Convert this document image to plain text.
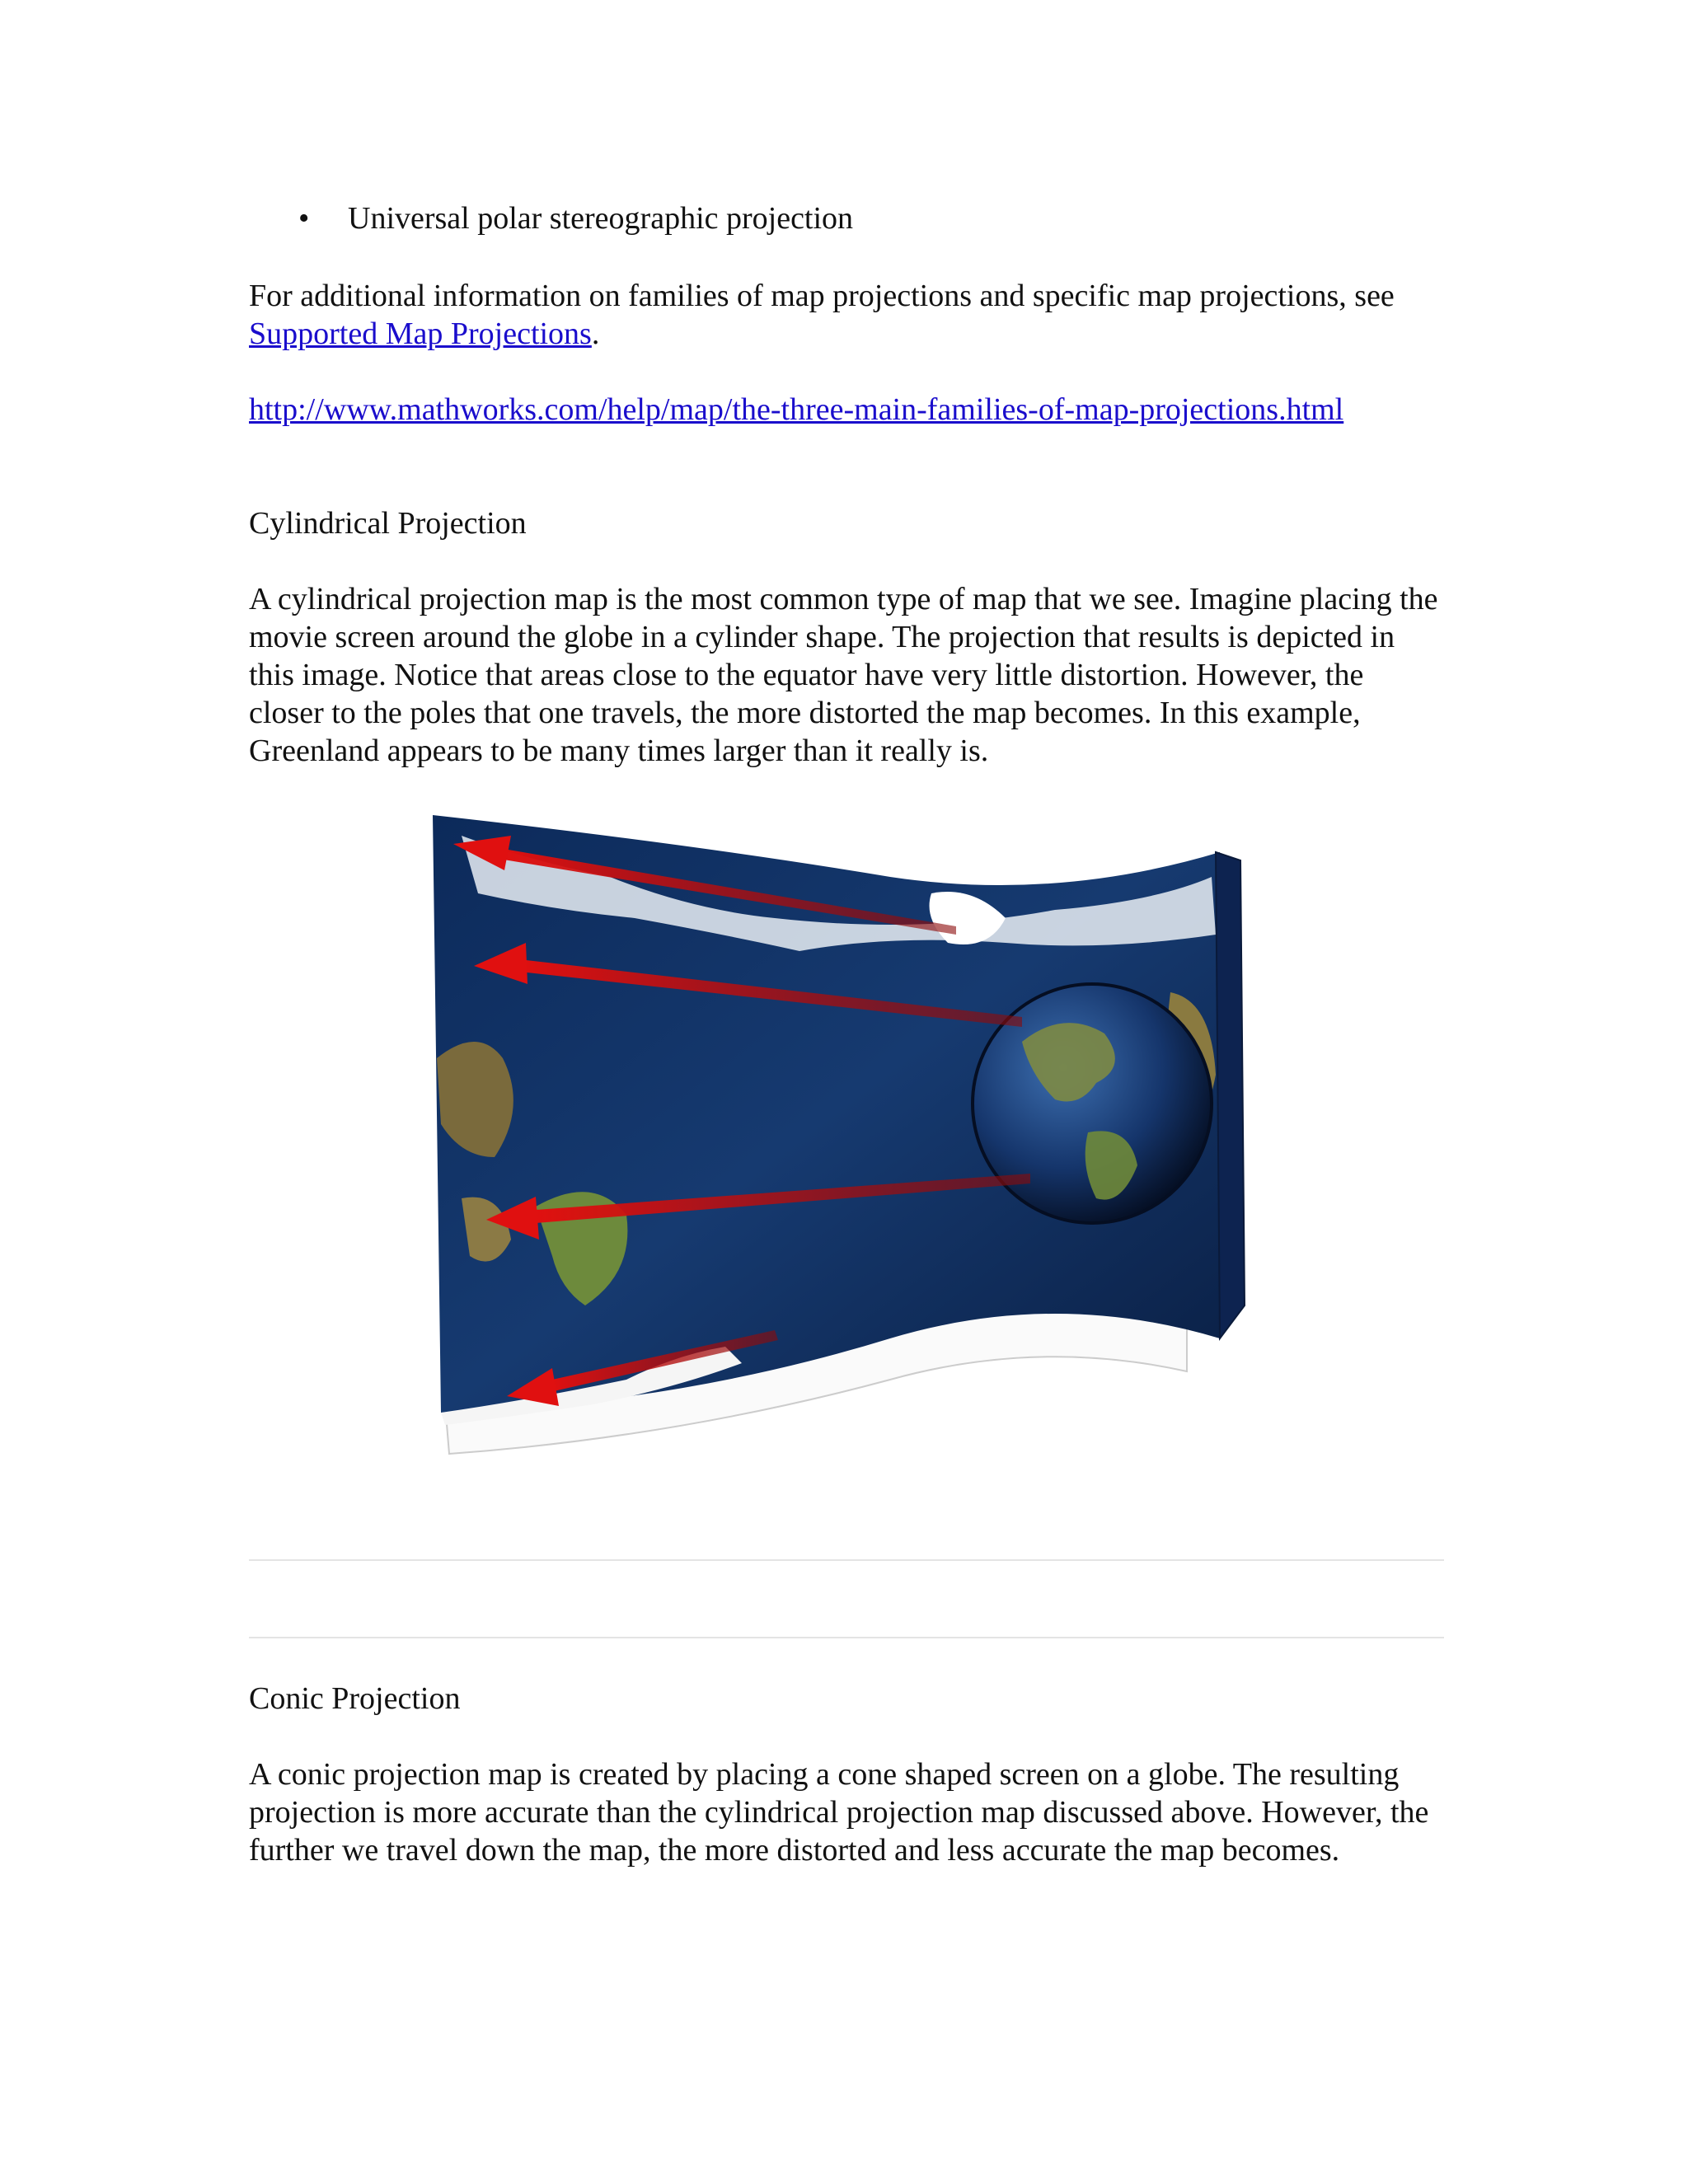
• Universal polar stereographic projection

For additional information on families of map projections and specific map projections, see Supported Map Projections.

http://www.mathworks.com/help/map/the-three-main-families-of-map-projections.html

Cylindrical Projection

A cylindrical projection map is the most common type of map that we see. Imagine placing the movie screen around the globe in a cylinder shape. The projection that results is depicted in this image. Notice that areas close to the equator have very little distortion. However, the closer to the poles that one travels, the more distorted the map becomes. In this example, Greenland appears to be many times larger than it really is.

Conic Projection

A conic projection map is created by placing a cone shaped screen on a globe. The resulting projection is more accurate than the cylindrical projection map discussed above. However, the further we travel down the map, the more distorted and less accurate the map becomes.
